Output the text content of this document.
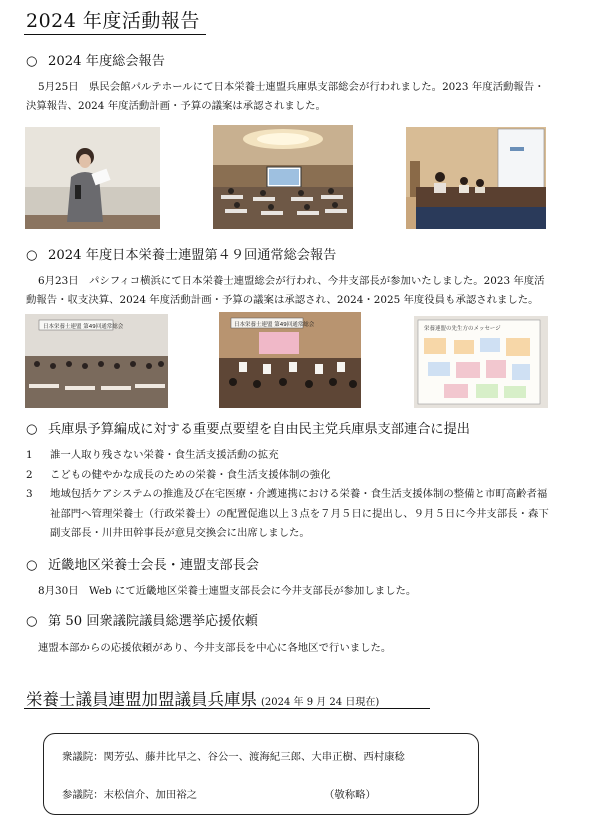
2024 年度活動報告
○ 2024 年度総会報告
5月25日　県民会館パルテホールにて日本栄養士連盟兵庫県支部総会が行われました。2023 年度活動報告・
決算報告、2024 年度活動計画・予算の議案は承認されました。
○ 2024 年度日本栄養士連盟第４９回通常総会報告
6月23日　パシフィコ横浜にて日本栄養士連盟総会が行われ、今井支部長が参加いたしました。2023 年度活
動報告・収支決算、2024 年度活動計画・予算の議案は承認され、2024・2025 年度役員も承認されました。
日本栄養士連盟 第49回通常総会	日本栄養士連盟 第49回通常総会
栄養連盟の先生方のメッセージ
○ 兵庫県予算編成に対する重要点要望を自由民主党兵庫県支部連合に提出
1 誰一人取り残さない栄養・食生活支援活動の拡充
2 こどもの健やかな成長のための栄養・食生活支援体制の強化
3 地域包括ケアシステムの推進及び在宅医療・介護連携における栄養・食生活支援体制の整備と市町高齢者福
祉部門へ管理栄養士（行政栄養士）の配置促進以上３点を７月５日に提出し、９月５日に今井支部長・森下
副支部長・川井田幹事長が意見交換会に出席しました。
○ 近畿地区栄養士会長・連盟支部長会
8月30日　Web にて近畿地区栄養士連盟支部長会に今井支部長が参加しました。
○ 第 50 回衆議院議員総選挙応援依頼
連盟本部からの応援依頼があり、今井支部長を中心に各地区で行いました。
栄養士議員連盟加盟議員兵庫県 (2024 年 9 月 24 日現在)
衆議院：関芳弘、藤井比早之、谷公一、渡海紀三郎、大串正樹、西村康稔
参議院：末松信介、加田裕之	（敬称略）
